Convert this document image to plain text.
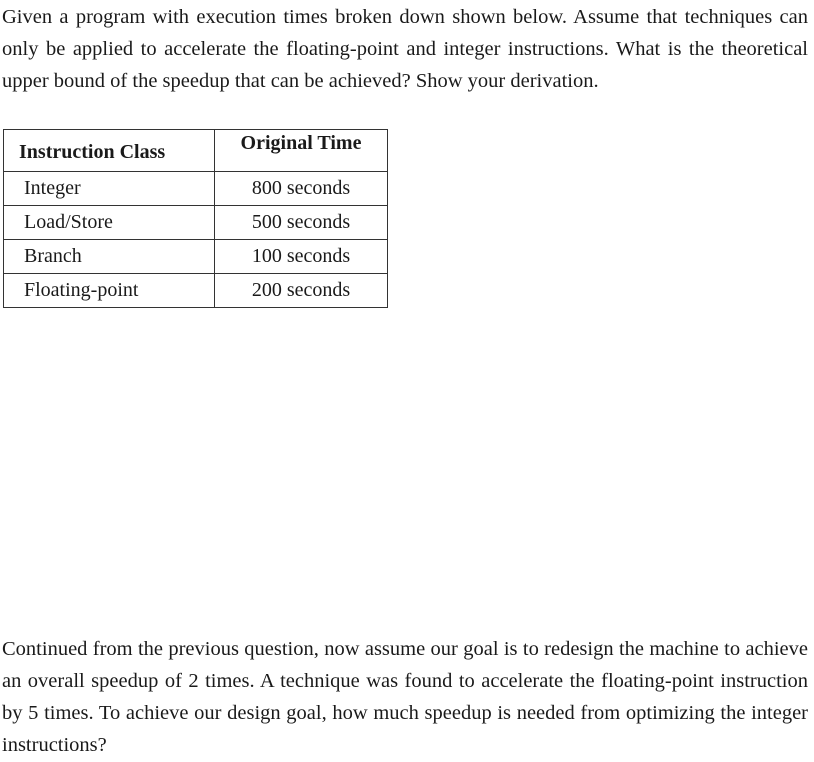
Given a program with execution times broken down shown below. Assume that techniques can only be applied to accelerate the floating-point and integer instructions. What is the theoretical upper bound of the speedup that can be achieved? Show your derivation.

Instruction Class	Original Time
Integer	800 seconds
Load/Store	500 seconds
Branch	100 seconds
Floating-point	200 seconds

Continued from the previous question, now assume our goal is to redesign the machine to achieve an overall speedup of 2 times. A technique was found to accelerate the floating-point instruction by 5 times. To achieve our design goal, how much speedup is needed from optimizing the integer instructions?
